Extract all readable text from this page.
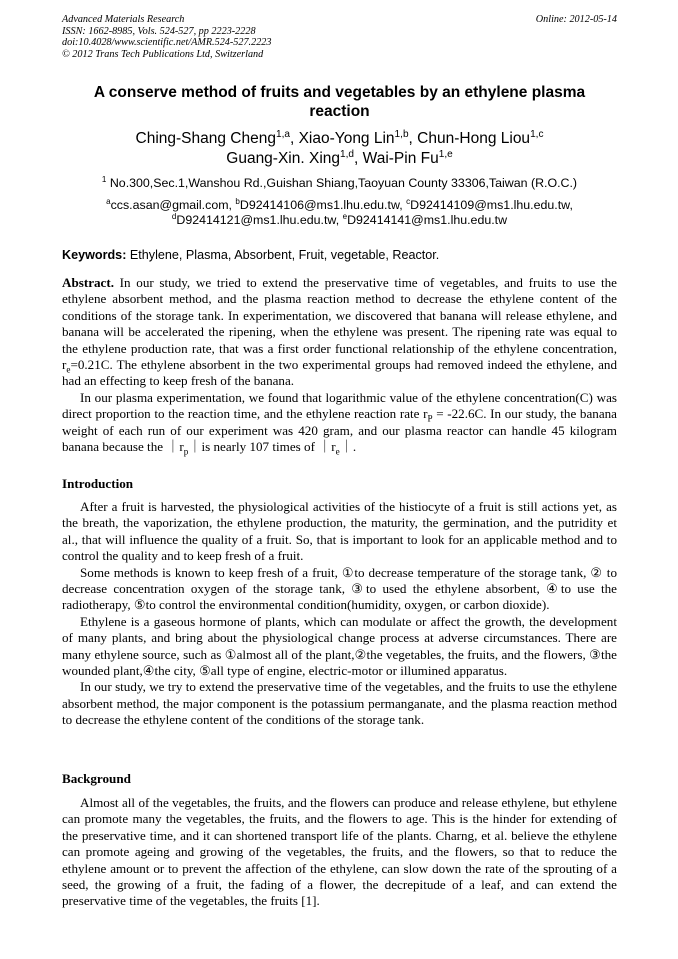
Advanced Materials Research
ISSN: 1662-8985, Vols. 524-527, pp 2223-2228
doi:10.4028/www.scientific.net/AMR.524-527.2223
© 2012 Trans Tech Publications Ltd, Switzerland
Online: 2012-05-14
A conserve method of fruits and vegetables by an ethylene plasma reaction
Ching-Shang Cheng$^{1,a}$, Xiao-Yong Lin$^{1,b}$, Chun-Hong Liou$^{1,c}$
Guang-Xin. Xing$^{1,d}$, Wai-Pin Fu$^{1,e}$
$^1$ No.300,Sec.1,Wanshou Rd.,Guishan Shiang,Taoyuan County 33306,Taiwan (R.O.C.)
$^a$ccs.asan@gmail.com, $^b$D92414106@ms1.lhu.edu.tw, $^c$D92414109@ms1.lhu.edu.tw,
$^d$D92414121@ms1.lhu.edu.tw, $^e$D92414141@ms1.lhu.edu.tw
Keywords: Ethylene, Plasma, Absorbent, Fruit, vegetable, Reactor.

Abstract. In our study, we tried to extend the preservative time of vegetables, and fruits to use the ethylene absorbent method, and the plasma reaction method to decrease the ethylene content of the conditions of the storage tank. In experimentation, we discovered that banana will release ethylene, and banana will be accelerated the ripening, when the ethylene was present. The ripening rate was equal to the ethylene production rate, that was a first order functional relationship of the ethylene concentration, $r_e=0.21C$. The ethylene absorbent in the two experimental groups had removed indeed the ethylene, and had an effecting to keep fresh of the banana.

In our plasma experimentation, we found that logarithmic value of the ethylene concentration(C) was direct proportion to the reaction time, and the ethylene reaction rate $r_P = -22.6C$. In our study, the banana weight of each run of our experiment was 420 gram, and our plasma reactor can handle 45 kilogram banana because the $|r_p|is$ nearly 107 times of $|r_e|$.

Introduction

After a fruit is harvested, the physiological activities of the histiocyte of a fruit is still actions yet, as the breath, the vaporization, the ethylene production, the maturity, the germination, and the putridity et al., that will influence the quality of a fruit. So, that is important to look for an applicable method and to control the quality and to keep fresh of a fruit.

Some methods is known to keep fresh of a fruit, ①to decrease temperature of the storage tank, ② to decrease concentration oxygen of the storage tank, ③to used the ethylene absorbent, ④to use the radiotherapy, ⑤to control the environmental condition(humidity, oxygen, or carbon dioxide).

Ethylene is a gaseous hormone of plants, which can modulate or affect the growth, the development of many plants, and bring about the physiological change process at adverse circumstances. There are many ethylene source, such as ①almost all of the plant,②the vegetables, the fruits, and the flowers, ③the wounded plant,④the city, ⑤all type of engine, electric-motor or illumined apparatus.

In our study, we try to extend the preservative time of the vegetables, and the fruits to use the ethylene absorbent method, the major component is the potassium permanganate, and the plasma reaction method to decrease the ethylene content of the conditions of the storage tank.

Background

Almost all of the vegetables, the fruits, and the flowers can produce and release ethylene, but ethylene can promote many the vegetables, the fruits, and the flowers to age. This is the hinder for extending of the preservative time, and it can shortened transport life of the plants. Charng, et al. believe the ethylene can promote ageing and growing of the vegetables, the fruits, and the flowers, so that to reduce the ethylene amount or to prevent the affection of the ethylene, can slow down the rate of the sprouting of a seed, the growing of a fruit, the fading of a flower, the decrepitude of a leaf, and can extend the preservative time of the vegetables, the fruits [1].
